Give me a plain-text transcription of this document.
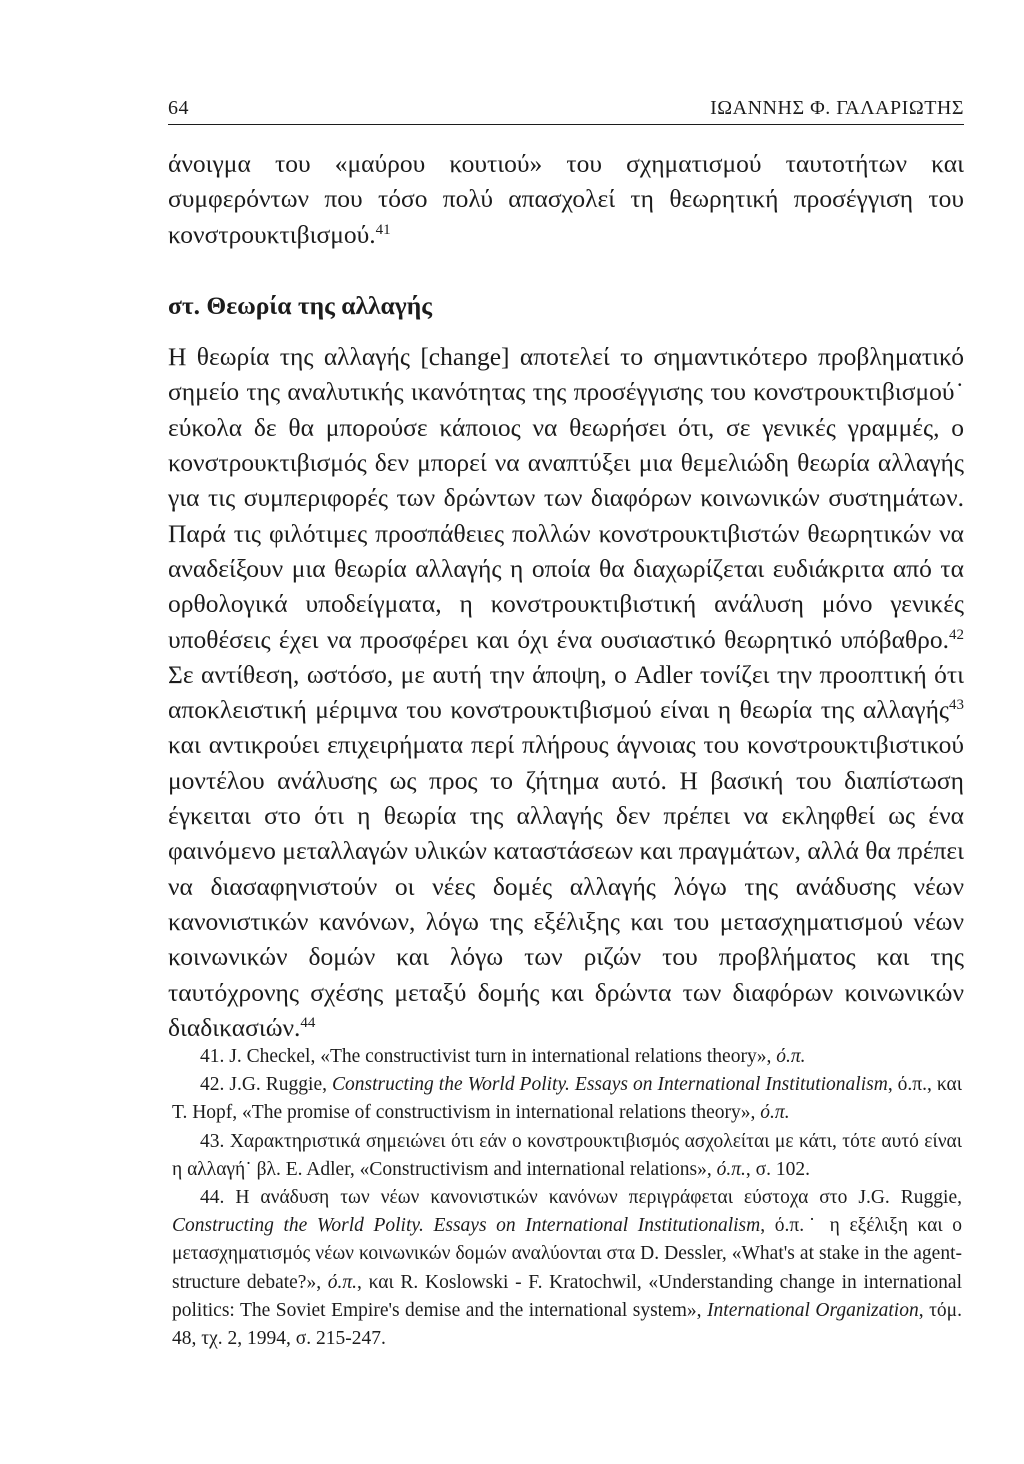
64	ΙΩΑΝΝΗΣ Φ. ΓΑΛΑΡΙΩΤΗΣ

άνοιγμα του «μαύρου κουτιού» του σχηματισμού ταυτοτήτων και συμφερόντων που τόσο πολύ απασχολεί τη θεωρητική προσέγγιση του κονστρουκτιβισμού.$^{41}$

στ. Θεωρία της αλλαγής

Η θεωρία της αλλαγής [change] αποτελεί το σημαντικότερο προβληματικό σημείο της αναλυτικής ικανότητας της προσέγγισης του κονστρουκτιβισμού˙ εύκολα δε θα μπορούσε κάποιος να θεωρήσει ότι, σε γενικές γραμμές, ο κονστρουκτιβισμός δεν μπορεί να αναπτύξει μια θεμελιώδη θεωρία αλλαγής για τις συμπεριφορές των δρώντων των διαφόρων κοινωνικών συστημάτων. Παρά τις φιλότιμες προσπάθειες πολλών κονστρουκτιβιστών θεωρητικών να αναδείξουν μια θεωρία αλλαγής η οποία θα διαχωρίζεται ευδιάκριτα από τα ορθολογικά υποδείγματα, η κονστρουκτιβιστική ανάλυση μόνο γενικές υποθέσεις έχει να προσφέρει και όχι ένα ουσιαστικό θεωρητικό υπόβαθρο.$^{42}$ Σε αντίθεση, ωστόσο, με αυτή την άποψη, ο Adler τονίζει την προοπτική ότι αποκλειστική μέριμνα του κονστρουκτιβισμού είναι η θεωρία της αλλαγής$^{43}$ και αντικρούει επιχειρήματα περί πλήρους άγνοιας του κονστρουκτιβιστικού μοντέλου ανάλυσης ως προς το ζήτημα αυτό. Η βασική του διαπίστωση έγκειται στο ότι η θεωρία της αλλαγής δεν πρέπει να εκληφθεί ως ένα φαινόμενο μεταλλαγών υλικών καταστάσεων και πραγμάτων, αλλά θα πρέπει να διασαφηνιστούν οι νέες δομές αλλαγής λόγω της ανάδυσης νέων κανονιστικών κανόνων, λόγω της εξέλιξης και του μετασχηματισμού νέων κοινωνικών δομών και λόγω των ριζών του προβλήματος και της ταυτόχρονης σχέσης μεταξύ δομής και δρώντα των διαφόρων κοινωνικών διαδικασιών.$^{44}$

41. J. Checkel, «The constructivist turn in international relations theory», ό.π.

42. J.G. Ruggie, Constructing the World Polity. Essays on International Institutionalism, ό.π., και T. Hopf, «The promise of constructivism in international relations theory», ό.π.

43. Χαρακτηριστικά σημειώνει ότι εάν ο κονστρουκτιβισμός ασχολείται με κάτι, τότε αυτό είναι η αλλαγή˙ βλ. E. Adler, «Constructivism and international relations», ό.π., σ. 102.

44. Η ανάδυση των νέων κανονιστικών κανόνων περιγράφεται εύστοχα στο J.G. Ruggie, Constructing the World Polity. Essays on International Institutionalism, ό.π.˙ η εξέλιξη και ο μετασχηματισμός νέων κοινωνικών δομών αναλύονται στα D. Dessler, «What's at stake in the agent-structure debate?», ό.π., και R. Koslowski - F. Kratochwil, «Understanding change in international politics: The Soviet Empire's demise and the international system», International Organization, τόμ. 48, τχ. 2, 1994, σ. 215-247.
